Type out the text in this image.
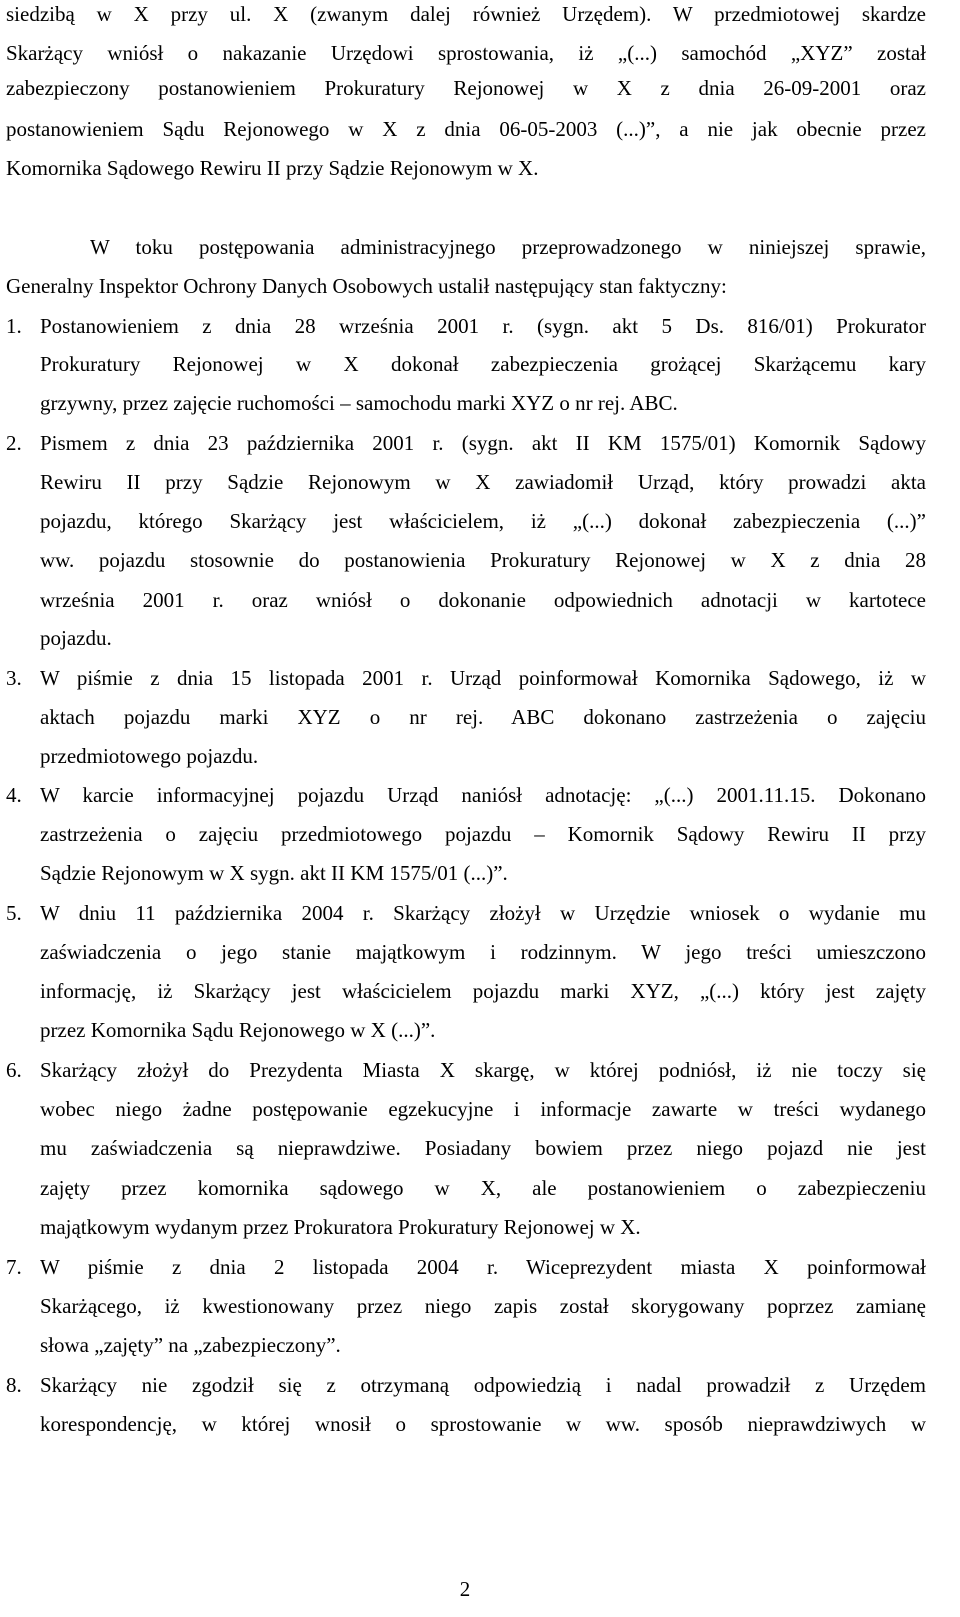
siedzibą w X przy ul. X (zwanym dalej również Urzędem). W przedmiotowej skardze
Skarżący wniósł o nakazanie Urzędowi sprostowania, iż „(...) samochód „XYZ” został
zabezpieczony postanowieniem Prokuratury Rejonowej w X z dnia 26-09-2001 oraz
postanowieniem Sądu Rejonowego w X z dnia 06-05-2003 (...)”, a nie jak obecnie przez
Komornika Sądowego Rewiru II przy Sądzie Rejonowym w X.
W toku postępowania administracyjnego przeprowadzonego w niniejszej sprawie,
Generalny Inspektor Ochrony Danych Osobowych ustalił następujący stan faktyczny:
1. Postanowieniem z dnia 28 września 2001 r. (sygn. akt 5 Ds. 816/01) Prokurator
Prokuratury Rejonowej w X dokonał zabezpieczenia grożącej Skarżącemu kary
grzywny, przez zajęcie ruchomości – samochodu marki XYZ o nr rej. ABC.
2. Pismem z dnia 23 października 2001 r. (sygn. akt II KM 1575/01) Komornik Sądowy
Rewiru II przy Sądzie Rejonowym w X zawiadomił Urząd, który prowadzi akta
pojazdu, którego Skarżący jest właścicielem, iż „(...) dokonał zabezpieczenia (...)”
ww. pojazdu stosownie do postanowienia Prokuratury Rejonowej w X z dnia 28
września 2001 r. oraz wniósł o dokonanie odpowiednich adnotacji w kartotece
pojazdu.
3. W piśmie z dnia 15 listopada 2001 r. Urząd poinformował Komornika Sądowego, iż w
aktach pojazdu marki XYZ o nr rej. ABC dokonano zastrzeżenia o zajęciu
przedmiotowego pojazdu.
4. W karcie informacyjnej pojazdu Urząd naniósł adnotację: „(...) 2001.11.15. Dokonano
zastrzeżenia o zajęciu przedmiotowego pojazdu – Komornik Sądowy Rewiru II przy
Sądzie Rejonowym w X sygn. akt II KM 1575/01 (...)”.
5. W dniu 11 października 2004 r. Skarżący złożył w Urzędzie wniosek o wydanie mu
zaświadczenia o jego stanie majątkowym i rodzinnym. W jego treści umieszczono
informację, iż Skarżący jest właścicielem pojazdu marki XYZ, „(...) który jest zajęty
przez Komornika Sądu Rejonowego w X (...)”.
6. Skarżący złożył do Prezydenta Miasta X skargę, w której podniósł, iż nie toczy się
wobec niego żadne postępowanie egzekucyjne i informacje zawarte w treści wydanego
mu zaświadczenia są nieprawdziwe. Posiadany bowiem przez niego pojazd nie jest
zajęty przez komornika sądowego w X, ale postanowieniem o zabezpieczeniu
majątkowym wydanym przez Prokuratora Prokuratury Rejonowej w X.
7. W piśmie z dnia 2 listopada 2004 r. Wiceprezydent miasta X poinformował
Skarżącego, iż kwestionowany przez niego zapis został skorygowany poprzez zamianę
słowa „zajęty” na „zabezpieczony”.
8. Skarżący nie zgodził się z otrzymaną odpowiedzią i nadal prowadził z Urzędem
korespondencję, w której wnosił o sprostowanie w ww. sposób nieprawdziwych w
2
